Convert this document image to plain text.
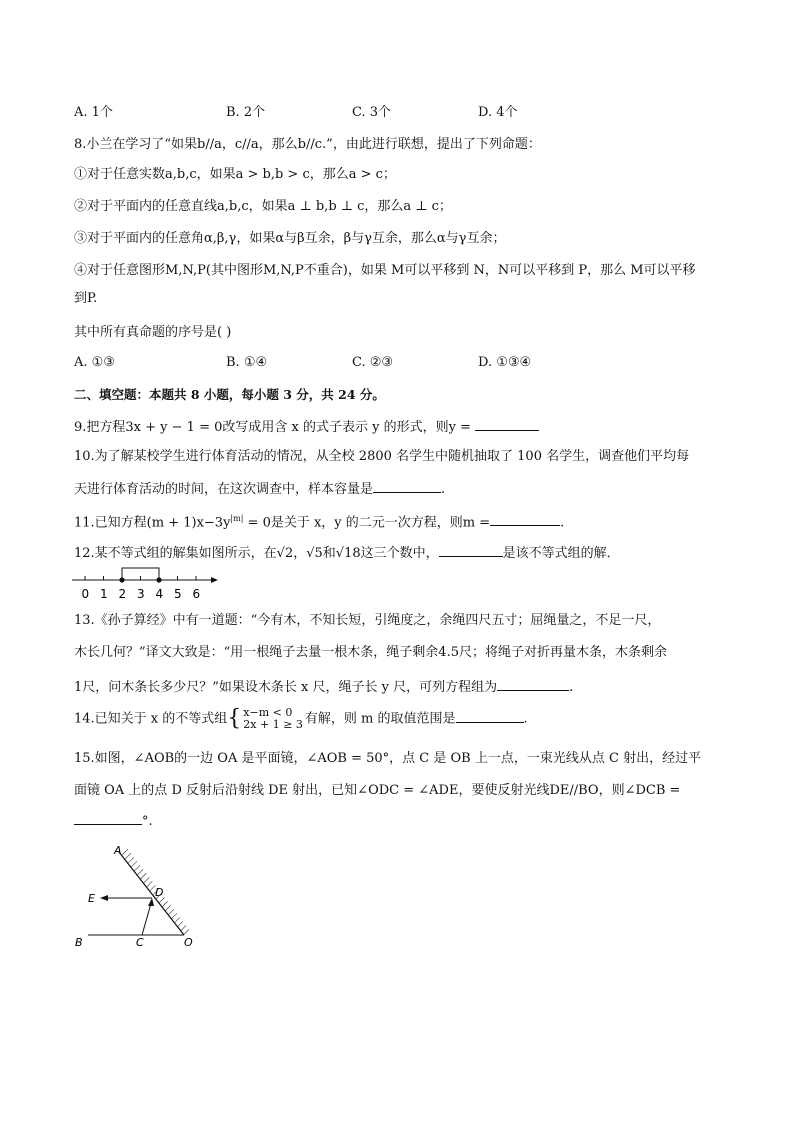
A. 1个	B. 2个	C. 3个	D. 4个
8.小兰在学习了“如果b//a，c//a，那么b//c.”，由此进行联想，提出了下列命题：
①对于任意实数a,b,c，如果a > b,b > c，那么a > c；
②对于平面内的任意直线a,b,c，如果a ⊥ b,b ⊥ c，那么a ⊥ c；
③对于平面内的任意角α,β,γ，如果α与β互余，β与γ互余，那么α与γ互余；
④对于任意图形M,N,P(其中图形M,N,P不重合)，如果 M可以平移到 N，N可以平移到 P，那么 M可以平移
到P.
其中所有真命题的序号是( )
A. ①③	B. ①④	C. ②③	D. ①③④
二、填空题：本题共 8 小题，每小题 3 分，共 24 分。
9.把方程3x + y − 1 = 0改写成用含 x 的式子表示 y 的形式，则y =
10.为了解某校学生进行体育活动的情况，从全校 2800 名学生中随机抽取了 100 名学生，调查他们平均每
天进行体育活动的时间，在这次调查中，样本容量是	.
11.已知方程$(m + 1)x-3y^{|m|} = 0$是关于 x，y 的二元一次方程，则m =	.
12.某不等式组的解集如图所示，在√2，√5和√18这三个数中，	是该不等式组的解．
0 1 2 3 4 5 6
13.《孙子算经》中有一道题：“今有木，不知长短，引绳度之，余绳四尺五寸；屈绳量之，不足一尺，
木长几何？”译文大致是：“用一根绳子去量一根木条，绳子剩余4.5尺；将绳子对折再量木条，木条剩余
1尺，问木条长多少尺？”如果设木条长 x 尺，绳子长 y 尺，可列方程组为	.
14.已知关于 x 的不等式组{ x−m < 0
2x + 1 ≥ 3 有解，则 m 的取值范围是	.
15.如图，∠AOB的一边 OA 是平面镜，∠AOB = 50°，点 C 是 OB 上一点，一束光线从点 C 射出，经过平
面镜 OA 上的点 D 反射后沿射线 DE 射出，已知∠ODC = ∠ADE，要使反射光线DE//BO，则∠DCB =
°.
A
E	D
B	C	O
